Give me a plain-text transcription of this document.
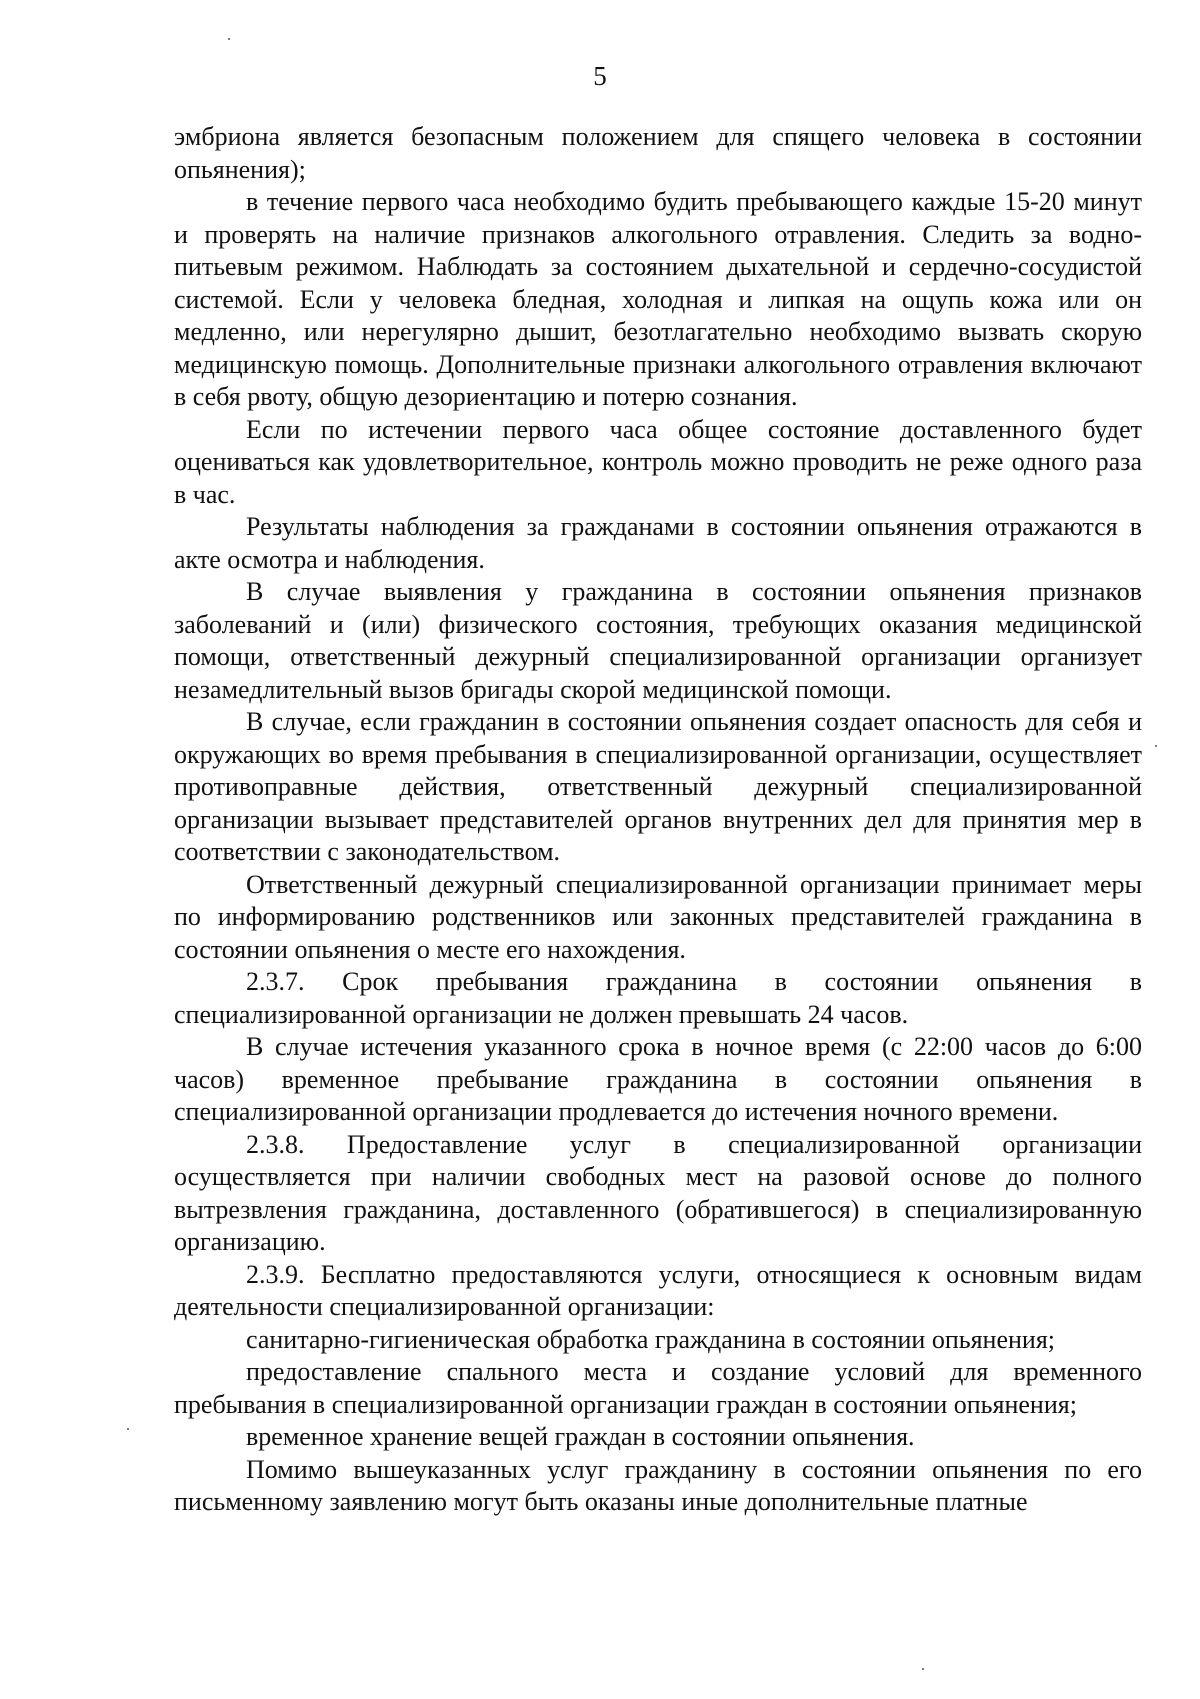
5

эмбриона является безопасным положением для спящего человека в состоянии опьянения);

в течение первого часа необходимо будить пребывающего каждые 15-20 минут и проверять на наличие признаков алкогольного отравления. Следить за водно-питьевым режимом. Наблюдать за состоянием дыхательной и сердечно-сосудистой системой. Если у человека бледная, холодная и липкая на ощупь кожа или он медленно, или нерегулярно дышит, безотлагательно необходимо вызвать скорую медицинскую помощь. Дополнительные признаки алкогольного отравления включают в себя рвоту, общую дезориентацию и потерю сознания.

Если по истечении первого часа общее состояние доставленного будет оцениваться как удовлетворительное, контроль можно проводить не реже одного раза в час.

Результаты наблюдения за гражданами в состоянии опьянения отражаются в акте осмотра и наблюдения.

В случае выявления у гражданина в состоянии опьянения признаков заболеваний и (или) физического состояния, требующих оказания медицинской помощи, ответственный дежурный специализированной организации организует незамедлительный вызов бригады скорой медицинской помощи.

В случае, если гражданин в состоянии опьянения создает опасность для себя и окружающих во время пребывания в специализированной организации, осуществляет противоправные действия, ответственный дежурный специализированной организации вызывает представителей органов внутренних дел для принятия мер в соответствии с законодательством.

Ответственный дежурный специализированной организации принимает меры по информированию родственников или законных представителей гражданина в состоянии опьянения о месте его нахождения.

2.3.7. Срок пребывания гражданина в состоянии опьянения в специализированной организации не должен превышать 24 часов.

В случае истечения указанного срока в ночное время (с 22:00 часов до 6:00 часов) временное пребывание гражданина в состоянии опьянения в специализированной организации продлевается до истечения ночного времени.

2.3.8. Предоставление услуг в специализированной организации осуществляется при наличии свободных мест на разовой основе до полного вытрезвления гражданина, доставленного (обратившегося) в специализированную организацию.

2.3.9. Бесплатно предоставляются услуги, относящиеся к основным видам деятельности специализированной организации:

санитарно-гигиеническая обработка гражданина в состоянии опьянения;

предоставление спального места и создание условий для временного пребывания в специализированной организации граждан в состоянии опьянения;

временное хранение вещей граждан в состоянии опьянения.

Помимо вышеуказанных услуг гражданину в состоянии опьянения по его письменному заявлению могут быть оказаны иные дополнительные платные
